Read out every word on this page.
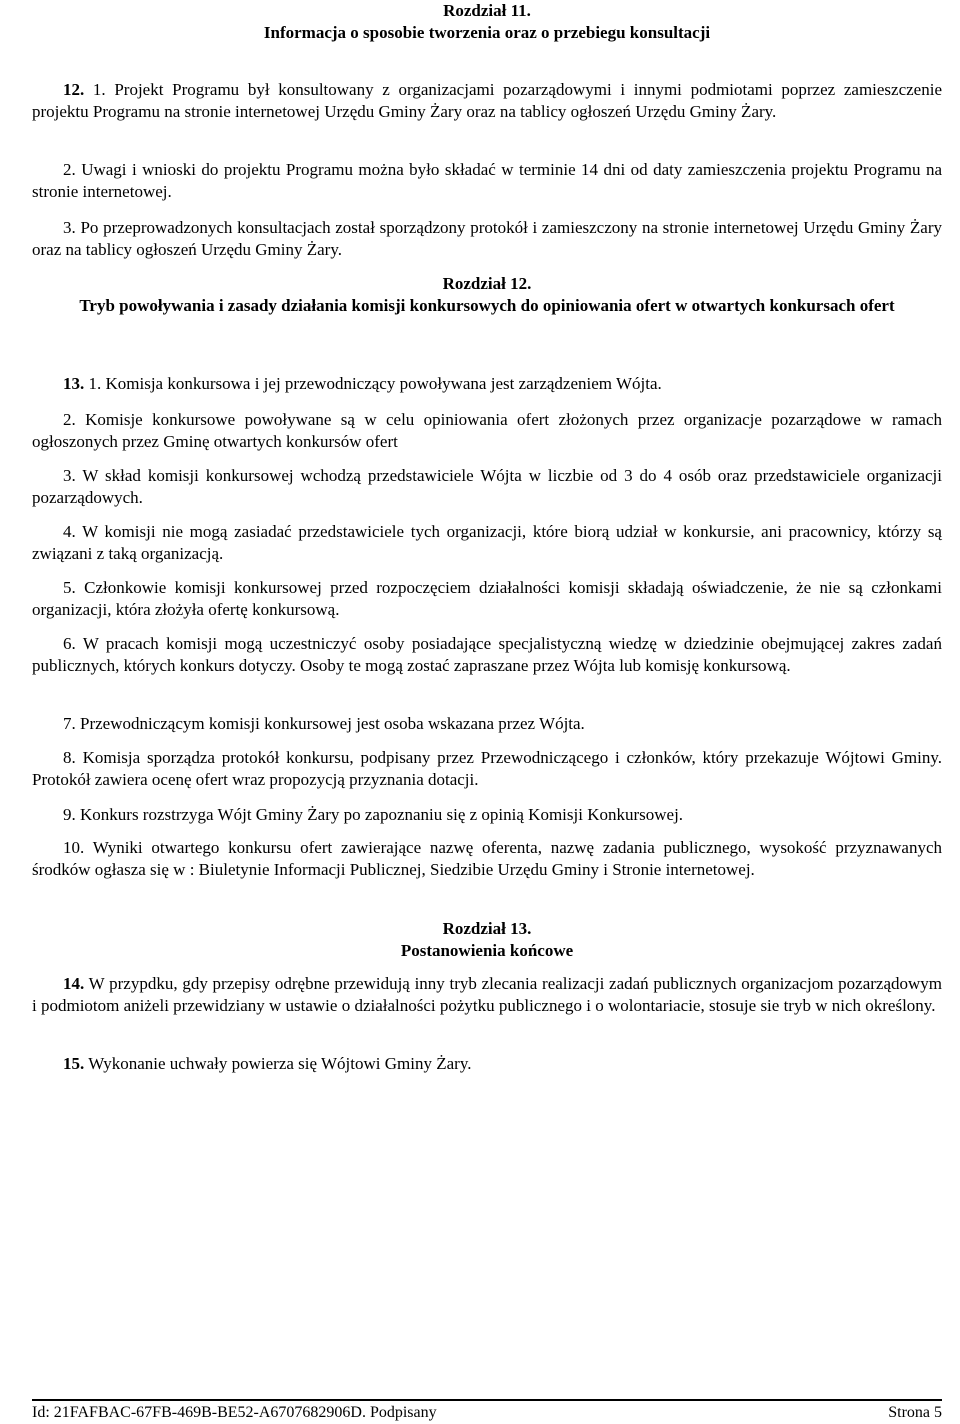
Rozdział 11.
Informacja o sposobie tworzenia oraz o przebiegu konsultacji

12. 1. Projekt Programu był konsultowany z organizacjami pozarządowymi i innymi podmiotami poprzez zamieszczenie projektu Programu na stronie internetowej Urzędu Gminy Żary oraz na tablicy ogłoszeń Urzędu Gminy Żary.

2. Uwagi i wnioski do projektu Programu można było składać w terminie 14 dni od daty zamieszczenia projektu Programu na stronie internetowej.

3. Po przeprowadzonych konsultacjach został sporządzony protokół i zamieszczony na stronie internetowej Urzędu Gminy Żary oraz na tablicy ogłoszeń Urzędu Gminy Żary.

Rozdział 12.
Tryb powoływania i zasady działania komisji konkursowych do opiniowania ofert w otwartych konkursach ofert

13. 1. Komisja konkursowa i jej przewodniczący powoływana jest zarządzeniem Wójta.

2. Komisje konkursowe powoływane są w celu opiniowania ofert złożonych przez organizacje pozarządowe w ramach ogłoszonych przez Gminę otwartych konkursów ofert

3. W skład komisji konkursowej wchodzą przedstawiciele Wójta w liczbie od 3 do 4 osób oraz przedstawiciele organizacji pozarządowych.

4. W komisji nie mogą zasiadać przedstawiciele tych organizacji, które biorą udział w konkursie, ani pracownicy, którzy są związani z taką organizacją.

5. Członkowie komisji konkursowej przed rozpoczęciem działalności komisji składają oświadczenie, że nie są członkami organizacji, która złożyła ofertę konkursową.

6. W pracach komisji mogą uczestniczyć osoby posiadające specjalistyczną wiedzę w dziedzinie obejmującej zakres zadań publicznych, których konkurs dotyczy. Osoby te mogą zostać zapraszane przez Wójta lub komisję konkursową.

7. Przewodniczącym komisji konkursowej jest osoba wskazana przez Wójta.

8. Komisja sporządza protokół konkursu, podpisany przez Przewodniczącego i członków, który przekazuje Wójtowi Gminy. Protokół zawiera ocenę ofert wraz propozycją przyznania dotacji.

9. Konkurs rozstrzyga Wójt Gminy Żary po zapoznaniu się z opinią Komisji Konkursowej.

10. Wyniki otwartego konkursu ofert zawierające nazwę oferenta, nazwę zadania publicznego, wysokość przyznawanych środków ogłasza się w : Biuletynie Informacji Publicznej, Siedzibie Urzędu Gminy i Stronie internetowej.

Rozdział 13.
Postanowienia końcowe

14. W przypdku, gdy przepisy odrębne przewidują inny tryb zlecania realizacji zadań publicznych organizacjom pozarządowym i podmiotom aniżeli przewidziany w ustawie o działalności pożytku publicznego i o wolontariacie, stosuje sie tryb w nich określony.

15. Wykonanie uchwały powierza się Wójtowi Gminy Żary.

Id: 21FAFBAC-67FB-469B-BE52-A6707682906D. Podpisany	Strona 5
